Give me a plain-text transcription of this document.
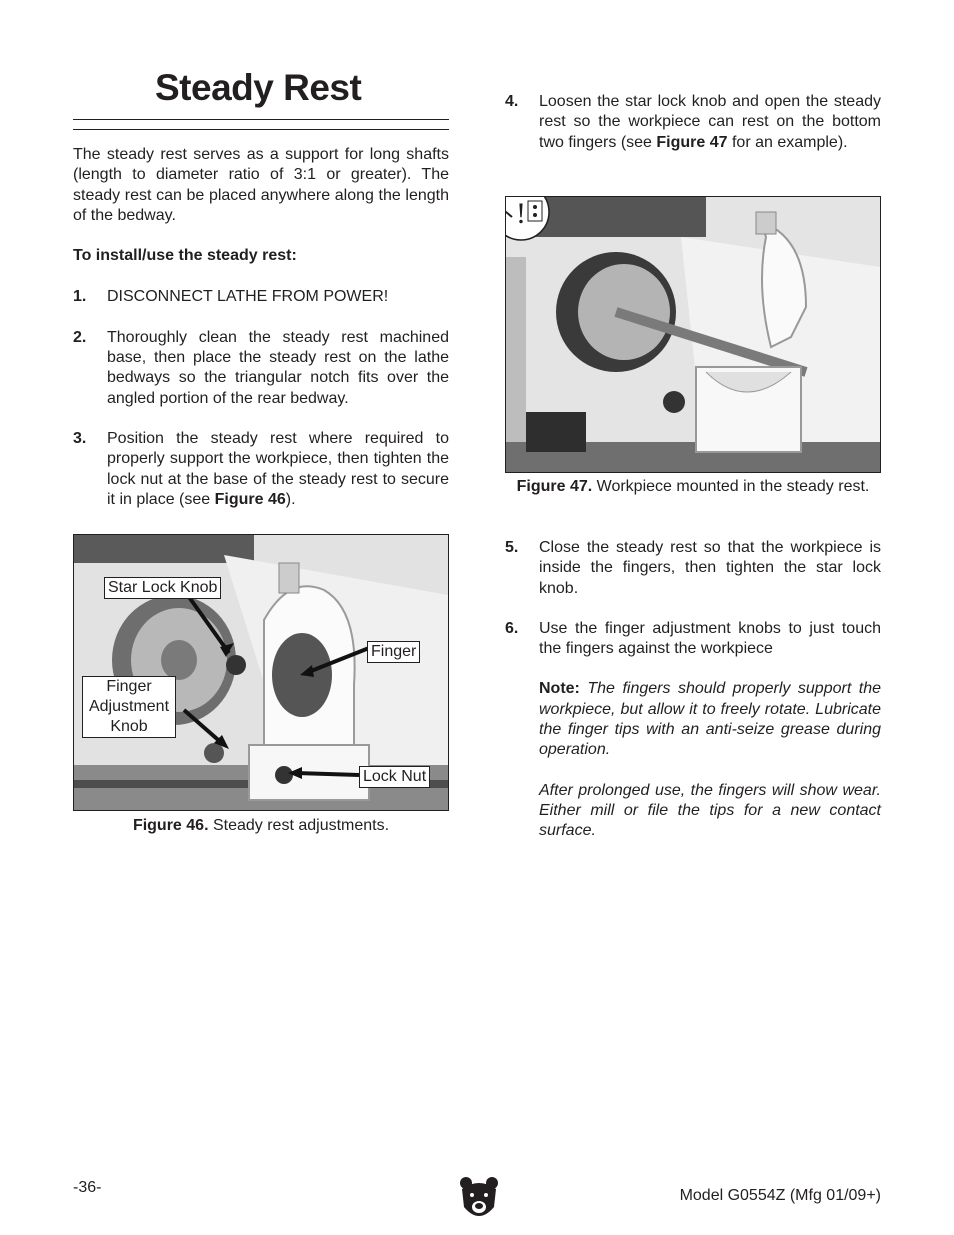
Steady Rest

The steady rest serves as a support for long shafts (length to diameter ratio of 3:1 or greater). The steady rest can be placed anywhere along the length of the bedway.

To install/use the steady rest:

1.	DISCONNECT LATHE FROM POWER!
2.	Thoroughly clean the steady rest machined base, then place the steady rest on the lathe bedways so the triangular notch fits over the angled portion of the rear bedway.
3.	Position the steady rest where required to properly support the workpiece, then tighten the lock nut at the base of the steady rest to secure it in place (see Figure 46).
Star Lock Knob
Finger
Finger Adjustment Knob
Lock Nut
Figure 46. Steady rest adjustments.
4.	Loosen the star lock knob and open the steady rest so the workpiece can rest on the bottom two fingers (see Figure 47 for an example).
!
Figure 47. Workpiece mounted in the steady rest.
5.	Close the steady rest so that the workpiece is inside the fingers, then tighten the star lock knob.
6.	Use the finger adjustment knobs to just touch the fingers against the workpiece
Note: The fingers should properly support the workpiece, but allow it to freely rotate. Lubricate the finger tips with an anti-seize grease during operation.
After prolonged use, the fingers will show wear. Either mill or file the tips for a new contact surface.
-36-	Model G0554Z (Mfg 01/09+)
